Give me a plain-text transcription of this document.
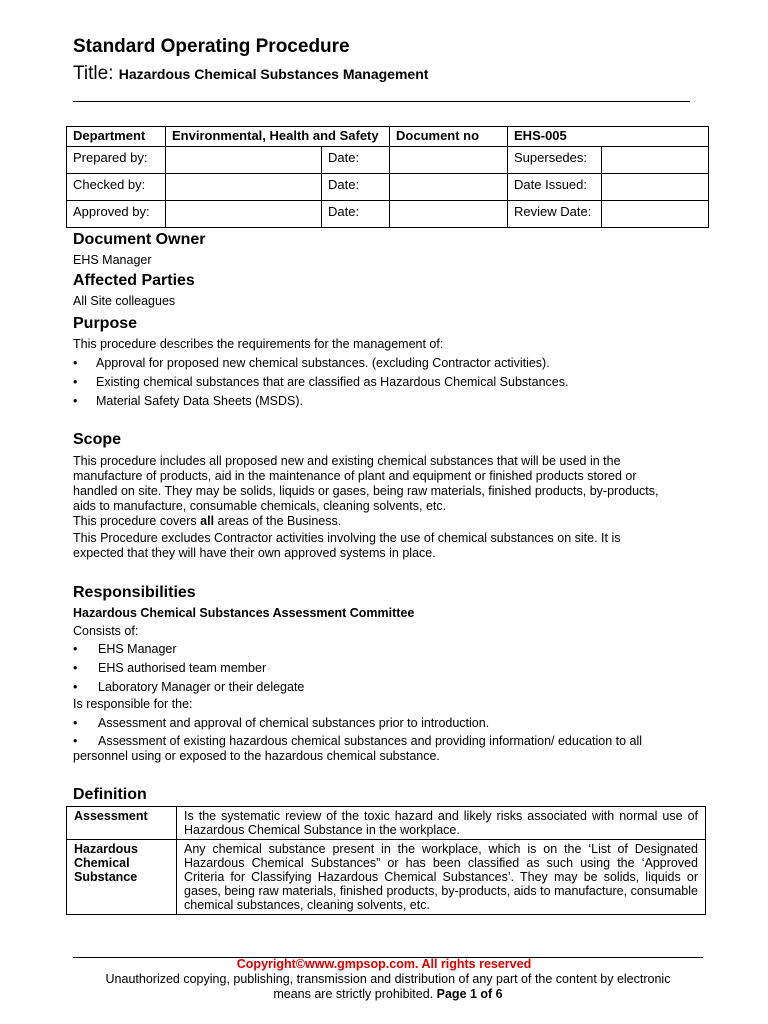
Standard Operating Procedure
Title: Hazardous Chemical Substances Management
Department	Environmental, Health and Safety		Document no	EHS-005	
Prepared by:		Date:		Supersedes:	
Checked by:		Date:		Date Issued:	
Approved by:		Date:		Review Date:	
Document Owner
EHS Manager
Affected Parties
All Site colleagues
Purpose
This procedure describes the requirements for the management of:
•	Approval for proposed new chemical substances. (excluding Contractor activities).
•	Existing chemical substances that are classified as Hazardous Chemical Substances.
•	Material Safety Data Sheets (MSDS).
Scope
This procedure includes all proposed new and existing chemical substances that will be used in the
manufacture of products, aid in the maintenance of plant and equipment or finished products stored or
handled on site. They may be solids, liquids or gases, being raw materials, finished products, by-products,
aids to manufacture, consumable chemicals, cleaning solvents, etc.
This procedure covers all areas of the Business.
This Procedure excludes Contractor activities involving the use of chemical substances on site. It is
expected that they will have their own approved systems in place.
Responsibilities
Hazardous Chemical Substances Assessment Committee
Consists of:
•	EHS Manager
•	EHS authorised team member
•	Laboratory Manager or their delegate
Is responsible for the:
•	Assessment and approval of chemical substances prior to introduction.
•	Assessment of existing hazardous chemical substances and providing information/ education to all
personnel using or exposed to the hazardous chemical substance.
Definition
Assessment	Is the systematic review of the toxic hazard and likely risks associated with normal use of Hazardous Chemical Substance in the workplace.
Hazardous Chemical Substance	Any chemical substance present in the workplace, which is on the ‘List of Designated Hazardous Chemical Substances” or has been classified as such using the ‘Approved Criteria for Classifying Hazardous Chemical Substances’. They may be solids, liquids or gases, being raw materials, finished products, by-products, aids to manufacture, consumable chemical substances, cleaning solvents, etc.
Copyright©www.gmpsop.com. All rights reserved
Unauthorized copying, publishing, transmission and distribution of any part of the content by electronic
means are strictly prohibited. Page 1 of 6
